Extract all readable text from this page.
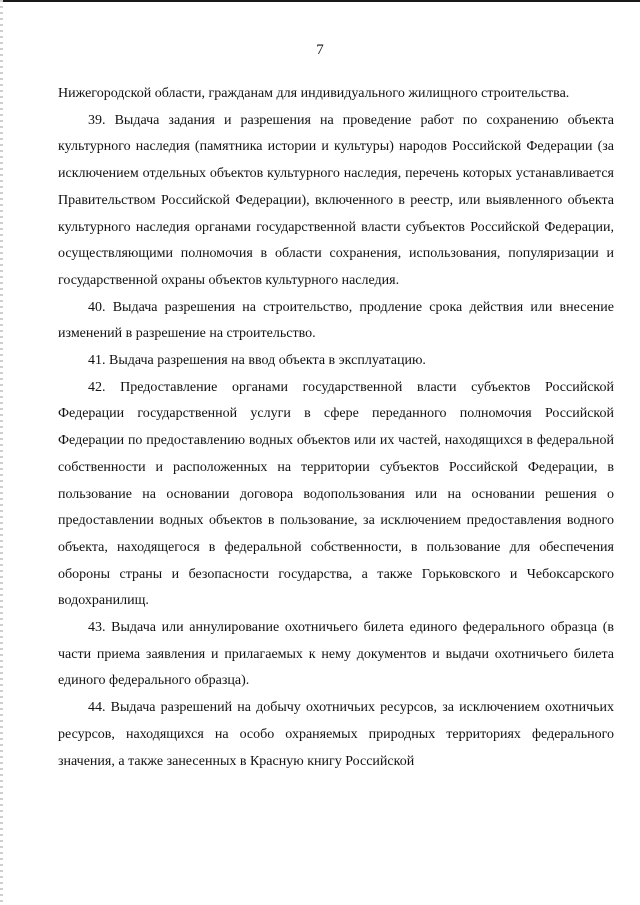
7

Нижегородской области, гражданам для индивидуального жилищного строительства.

39. Выдача задания и разрешения на проведение работ по сохранению объекта культурного наследия (памятника истории и культуры) народов Российской Федерации (за исключением отдельных объектов культурного наследия, перечень которых устанавливается Правительством Российской Федерации), включенного в реестр, или выявленного объекта культурного наследия органами государственной власти субъектов Российской Федерации, осуществляющими полномочия в области сохранения, использования, популяризации и государственной охраны объектов культурного наследия.

40. Выдача разрешения на строительство, продление срока действия или внесение изменений в разрешение на строительство.

41. Выдача разрешения на ввод объекта в эксплуатацию.

42. Предоставление органами государственной власти субъектов Российской Федерации государственной услуги в сфере переданного полномочия Российской Федерации по предоставлению водных объектов или их частей, находящихся в федеральной собственности и расположенных на территории субъектов Российской Федерации, в пользование на основании договора водопользования или на основании решения о предоставлении водных объектов в пользование, за исключением предоставления водного объекта, находящегося в федеральной собственности, в пользование для обеспечения обороны страны и безопасности государства, а также Горьковского и Чебоксарского водохранилищ.

43. Выдача или аннулирование охотничьего билета единого федерального образца (в части приема заявления и прилагаемых к нему документов и выдачи охотничьего билета единого федерального образца).

44. Выдача разрешений на добычу охотничьих ресурсов, за исключением охотничьих ресурсов, находящихся на особо охраняемых природных территориях федерального значения, а также занесенных в Красную книгу Российской
